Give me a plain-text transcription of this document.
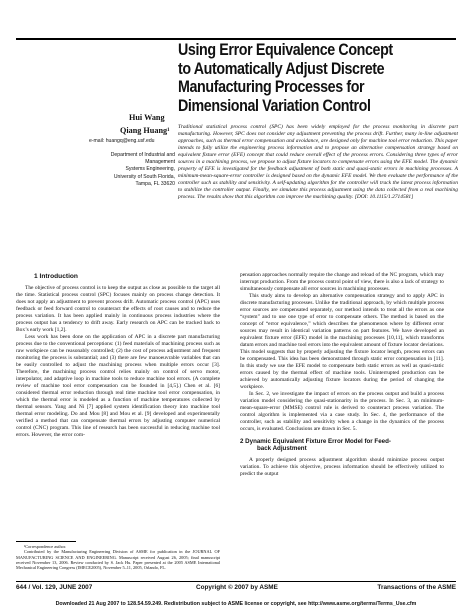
Using Error Equivalence Concept
to Automatically Adjust Discrete
Manufacturing Processes for
Dimensional Variation Control
Hui Wang
Qiang Huang¹
e-mail: huangq@eng.usf.edu
Department of Industrial and Management
Systems Engineering,
University of South Florida,
Tampa, FL 33620
Traditional statistical process control (SPC) has been widely employed for the process monitoring in discrete part manufacturing. However, SPC does not consider any adjustment preventing the process drift. Further, many in-line adjustment approaches, such as thermal error compensation and avoidance, are designed only for machine tool error reduction. This paper intends to fully utilize the engineering process information and to propose an alternative compensation strategy based on equivalent fixture error (EFE) concept that could reduce overall effect of the process errors. Considering three types of error sources in a machining process, we propose to adjust fixture locators to compensate errors using the EFE model. The dynamic property of EFE is investigated for the feedback adjustment of both static and quasi-static errors in machining processes. A minimum-mean-square-error controller is designed based on the dynamic EFE model. We then evaluate the performance of the controller such as stability and sensitivity. A self-updating algorithm for the controller will track the latest process information to stabilize the controller output. Finally, we simulate this process adjustment using the data collected from a real machining process. The results show that this algorithm can improve the machining quality. [DOI: 10.1115/1.2714581]
1 Introduction

The objective of process control is to keep the output as close as possible to the target all the time. Statistical process control (SPC) focuses mainly on process change detection. It does not apply an adjustment to prevent process drift. Automatic process control (APC) uses feedback or feed forward control to counteract the effects of root causes and to reduce the process variation. It has been applied mainly in continuous process industries where the process output has a tendency to drift away. Early research on APC can be tracked back to Box’s early work [1,2].

Less work has been done on the application of APC in a discrete part manufacturing process due to the conventional perceptions: (1) feed materials of machining process such as raw workpiece can be reasonably controlled; (2) the cost of process adjustment and frequent monitoring the process is substantial; and (3) there are few manoeuvrable variables that can be easily controlled to adjust the machining process when multiple errors occur [3]. Therefore, the machining process control relies mainly on control of servo motor, interpolator, and adaptive loop in machine tools to reduce machine tool errors. (A complete review of machine tool error compensation can be founded in [4,5].) Chen et al. [6] considered thermal error reduction through real time machine tool error compensation, in which the thermal error is modeled as a function of machine temperatures collected by thermal sensors. Yang and Ni [7] applied system identification theory into machine tool thermal error modeling. Do and Mou [8] and Mou et al. [9] developed and experimentally verified a method that can compensate thermal errors by adjusting computer numerical control (CNC) program. This line of research has been successful in reducing machine tool errors. However, the error com-

pensation approaches normally require the change and reload of the NC program, which may interrupt production. From the process control point of view, there is also a lack of strategy to simultaneously compensate all error sources in machining processes.

This study aims to develop an alternative compensation strategy and to apply APC in discrete manufacturing processes. Unlike the traditional approach, by which multiple process error sources are compensated separately, our method intends to treat all the errors as one “system” and to use one type of error to compensate others. The method is based on the concept of “error equivalence,” which describes the phenomenon where by different error sources may result in identical variation patterns on part features. We have developed an equivalent fixture error (EFE) model in the machining processes [10,11], which transforms datum errors and machine tool errors into the equivalent amount of fixture locator deviations. This model suggests that by properly adjusting the fixture locator length, process errors can be compensated. This idea has been demonstrated through static error compensation in [11]. In this study we use the EFE model to compensate both static errors as well as quasi-static errors caused by the thermal effect of machine tools. Uninterrupted production can be achieved by automatically adjusting fixture locators during the period of changing the workpiece.

In Sec. 2, we investigate the impact of errors on the process output and build a process variation model considering the quasi-stationarity in the process. In Sec. 3, an minimum-mean-square-error (MMSE) control rule is derived to counteract process variation. The control algorithm is implemented via a case study. In Sec. 4, the performance of the controller, such as stability and sensitivity when a change in the dynamics of the process occurs, is evaluated. Conclusions are drawn in Sec. 5.

2 Dynamic Equivalent Fixture Error Model for Feed-
back Adjustment

A properly designed process adjustment algorithm should minimize process output variation. To achieve this objective, process information should be effectively utilized to predict the output

¹Correspondence author.

Contributed by the Manufacturing Engineering Division of ASME for publication in the JOURNAL OF MANUFACTURING SCIENCE AND ENGINEERING. Manuscript received August 26, 2005; final manuscript received November 13, 2006. Review conducted by S. Jack Hu. Paper presented at the 2005 ASME International Mechanical Engineering Congress (IMECE2005), November 5–11, 2005, Orlando, FL.

644 / Vol. 129, JUNE 2007	Copyright © 2007 by ASME	Transactions of the ASME
Downloaded 21 Aug 2007 to 128.54.59.249. Redistribution subject to ASME license or copyright, see http://www.asme.org/terms/Terms_Use.cfm
